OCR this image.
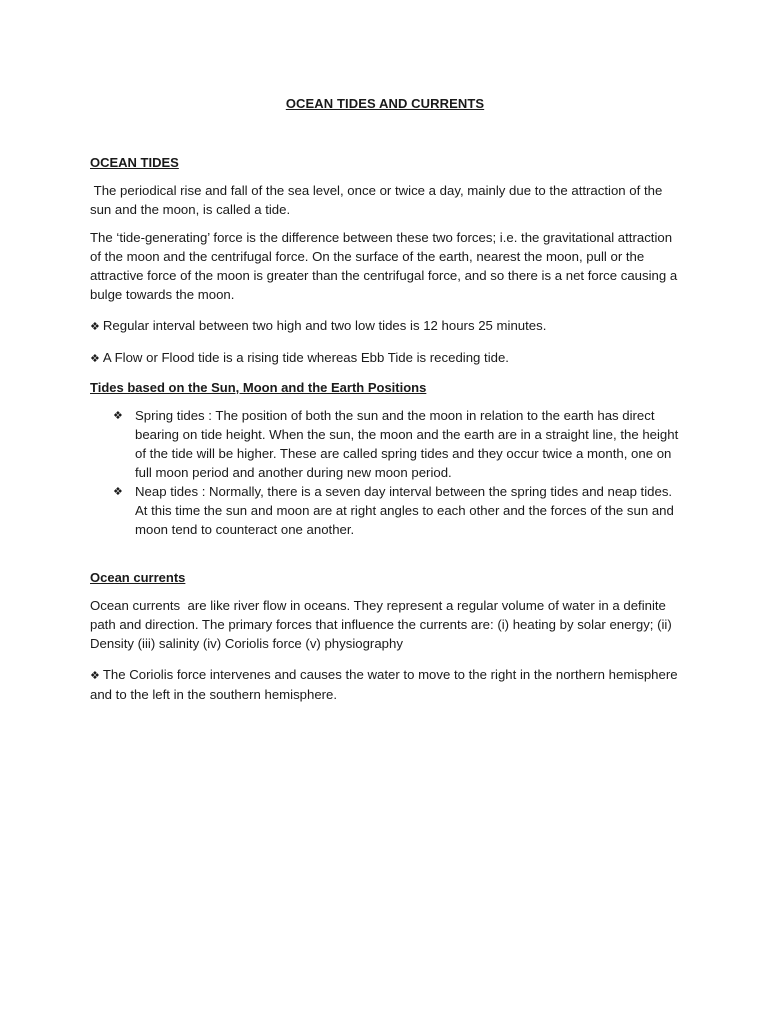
OCEAN TIDES AND CURRENTS
OCEAN TIDES

The periodical rise and fall of the sea level, once or twice a day, mainly due to the attraction of the sun and the moon, is called a tide.

The ‘tide-generating’ force is the difference between these two forces; i.e. the gravitational attraction of the moon and the centrifugal force. On the surface of the earth, nearest the moon, pull or the attractive force of the moon is greater than the centrifugal force, and so there is a net force causing a bulge towards the moon.

❖ Regular interval between two high and two low tides is 12 hours 25 minutes.

❖ A Flow or Flood tide is a rising tide whereas Ebb Tide is receding tide.

Tides based on the Sun, Moon and the Earth Positions
❖ Spring tides : The position of both the sun and the moon in relation to the earth has direct bearing on tide height. When the sun, the moon and the earth are in a straight line, the height of the tide will be higher. These are called spring tides and they occur twice a month, one on full moon period and another during new moon period.
❖ Neap tides : Normally, there is a seven day interval between the spring tides and neap tides. At this time the sun and moon are at right angles to each other and the forces of the sun and moon tend to counteract one another.
Ocean currents

Ocean currents  are like river flow in oceans. They represent a regular volume of water in a definite path and direction. The primary forces that influence the currents are: (i) heating by solar energy; (ii) Density (iii) salinity (iv) Coriolis force (v) physiography

❖ The Coriolis force intervenes and causes the water to move to the right in the northern hemisphere and to the left in the southern hemisphere.
